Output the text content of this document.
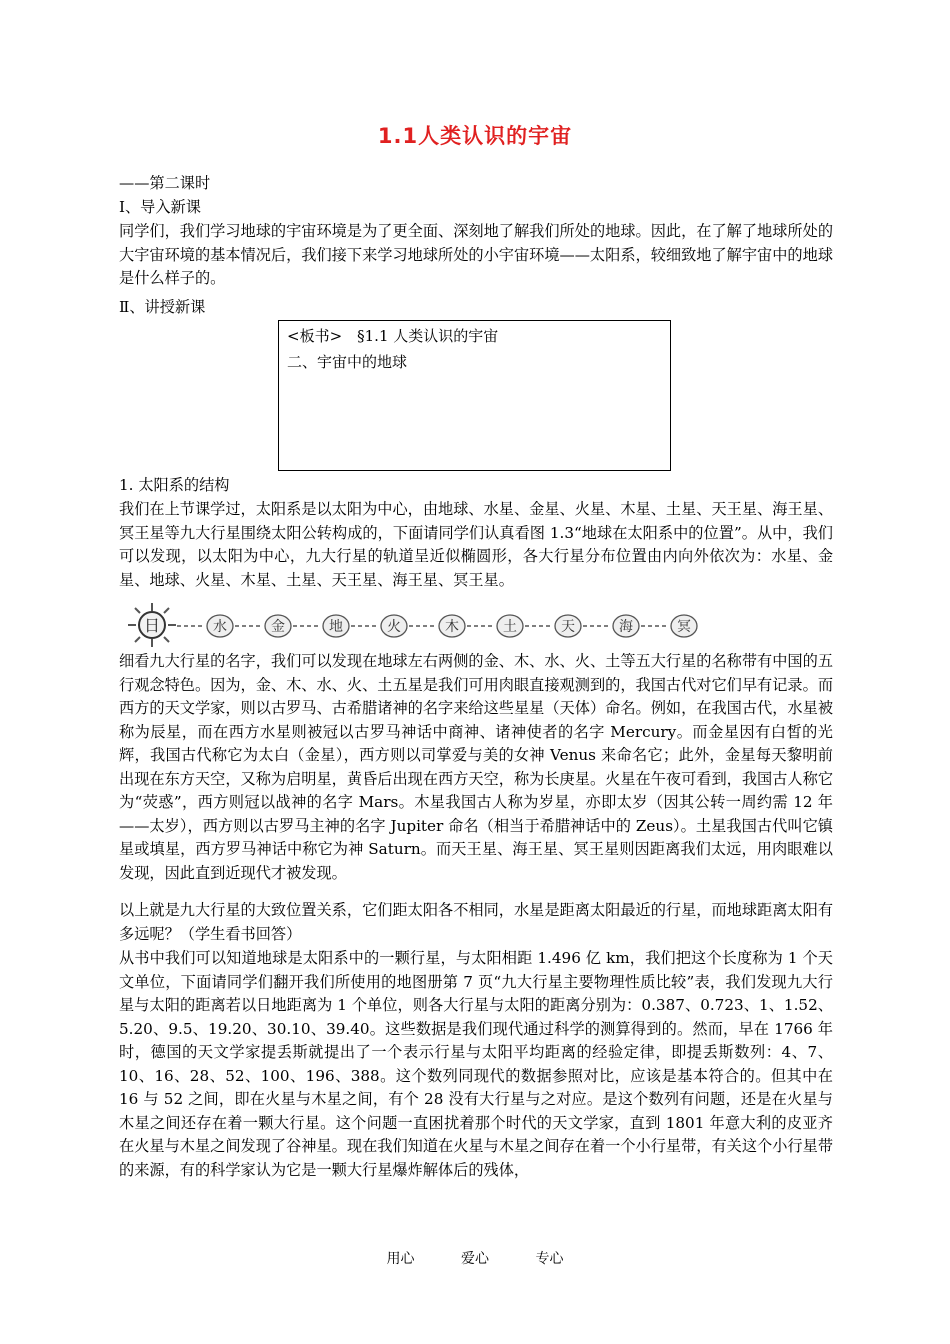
1.1人类认识的宇宙
——第二课时
Ⅰ、导入新课
同学们，我们学习地球的宇宙环境是为了更全面、深刻地了解我们所处的地球。因此，在了解了地球所处的大宇宙环境的基本情况后，我们接下来学习地球所处的小宇宙环境——太阳系，较细致地了解宇宙中的地球是什么样子的。
Ⅱ、讲授新课
<板书>　§1.1 人类认识的宇宙
二、宇宙中的地球
1. 太阳系的结构
我们在上节课学过，太阳系是以太阳为中心，由地球、水星、金星、火星、木星、土星、天王星、海王星、冥王星等九大行星围绕太阳公转构成的，下面请同学们认真看图 1.3“地球在太阳系中的位置”。从中，我们可以发现，以太阳为中心，九大行星的轨道呈近似椭圆形，各大行星分布位置由内向外依次为：水星、金星、地球、火星、木星、土星、天王星、海王星、冥王星。
日	水	金	地	火	木	土	天	海	冥
细看九大行星的名字，我们可以发现在地球左右两侧的金、木、水、火、土等五大行星的名称带有中国的五行观念特色。因为，金、木、水、火、土五星是我们可用肉眼直接观测到的，我国古代对它们早有记录。而西方的天文学家，则以古罗马、古希腊诸神的名字来给这些星星（天体）命名。例如，在我国古代，水星被称为辰星，而在西方水星则被冠以古罗马神话中商神、诸神使者的名字 Mercury。而金星因有白皙的光辉，我国古代称它为太白（金星），西方则以司掌爱与美的女神 Venus 来命名它；此外，金星每天黎明前出现在东方天空，又称为启明星，黄昏后出现在西方天空，称为长庚星。火星在午夜可看到，我国古人称它为“荧惑”，西方则冠以战神的名字 Mars。木星我国古人称为岁星，亦即太岁（因其公转一周约需 12 年——太岁），西方则以古罗马主神的名字 Jupiter 命名（相当于希腊神话中的 Zeus）。土星我国古代叫它镇星或填星，西方罗马神话中称它为神 Saturn。而天王星、海王星、冥王星则因距离我们太远，用肉眼难以发现，因此直到近现代才被发现。
以上就是九大行星的大致位置关系，它们距太阳各不相同，水星是距离太阳最近的行星，而地球距离太阳有多远呢？（学生看书回答）
从书中我们可以知道地球是太阳系中的一颗行星，与太阳相距 1.496 亿 km，我们把这个长度称为 1 个天文单位，下面请同学们翻开我们所使用的地图册第 7 页“九大行星主要物理性质比较”表，我们发现九大行星与太阳的距离若以日地距离为 1 个单位，则各大行星与太阳的距离分别为：0.387、0.723、1、1.52、5.20、9.5、19.20、30.10、39.40。这些数据是我们现代通过科学的测算得到的。然而，早在 1766 年时，德国的天文学家提丢斯就提出了一个表示行星与太阳平均距离的经验定律，即提丢斯数列：4、7、10、16、28、52、100、196、388。这个数列同现代的数据参照对比，应该是基本符合的。但其中在 16 与 52 之间，即在火星与木星之间，有个 28 没有大行星与之对应。是这个数列有问题，还是在火星与木星之间还存在着一颗大行星。这个问题一直困扰着那个时代的天文学家，直到 1801 年意大利的皮亚齐在火星与木星之间发现了谷神星。现在我们知道在火星与木星之间存在着一个小行星带，有关这个小行星带的来源，有的科学家认为它是一颗大行星爆炸解体后的残体，
用心	爱心	专心
